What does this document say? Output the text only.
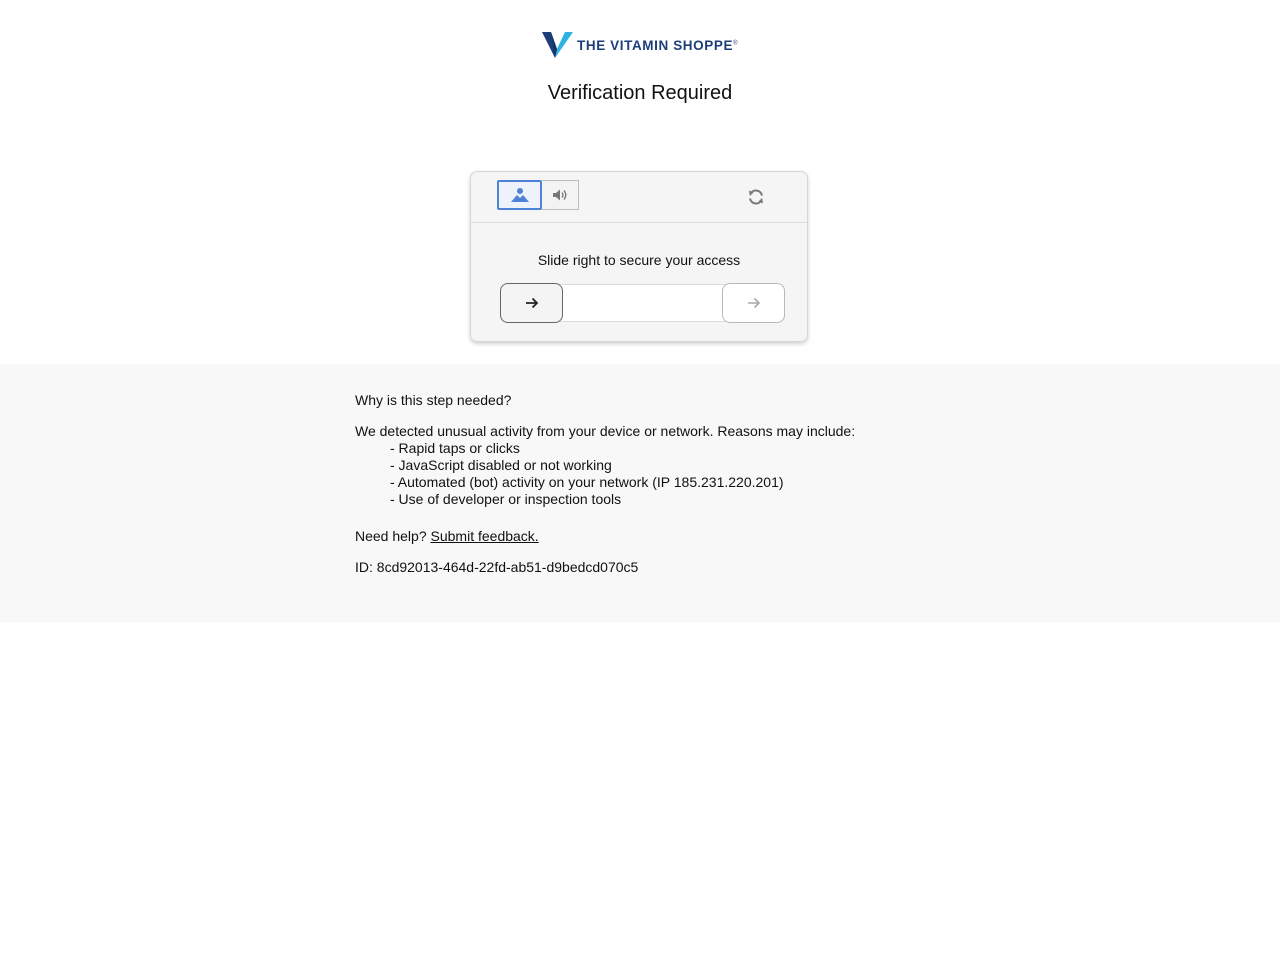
THE VITAMIN SHOPPE®
Verification Required
Slide right to secure your access

Why is this step needed?

We detected unusual activity from your device or network. Reasons may include:

- Rapid taps or clicks
- JavaScript disabled or not working
- Automated (bot) activity on your network (IP 185.231.220.201)
- Use of developer or inspection tools

Need help? Submit feedback.

ID: 8cd92013-464d-22fd-ab51-d9bedcd070c5
